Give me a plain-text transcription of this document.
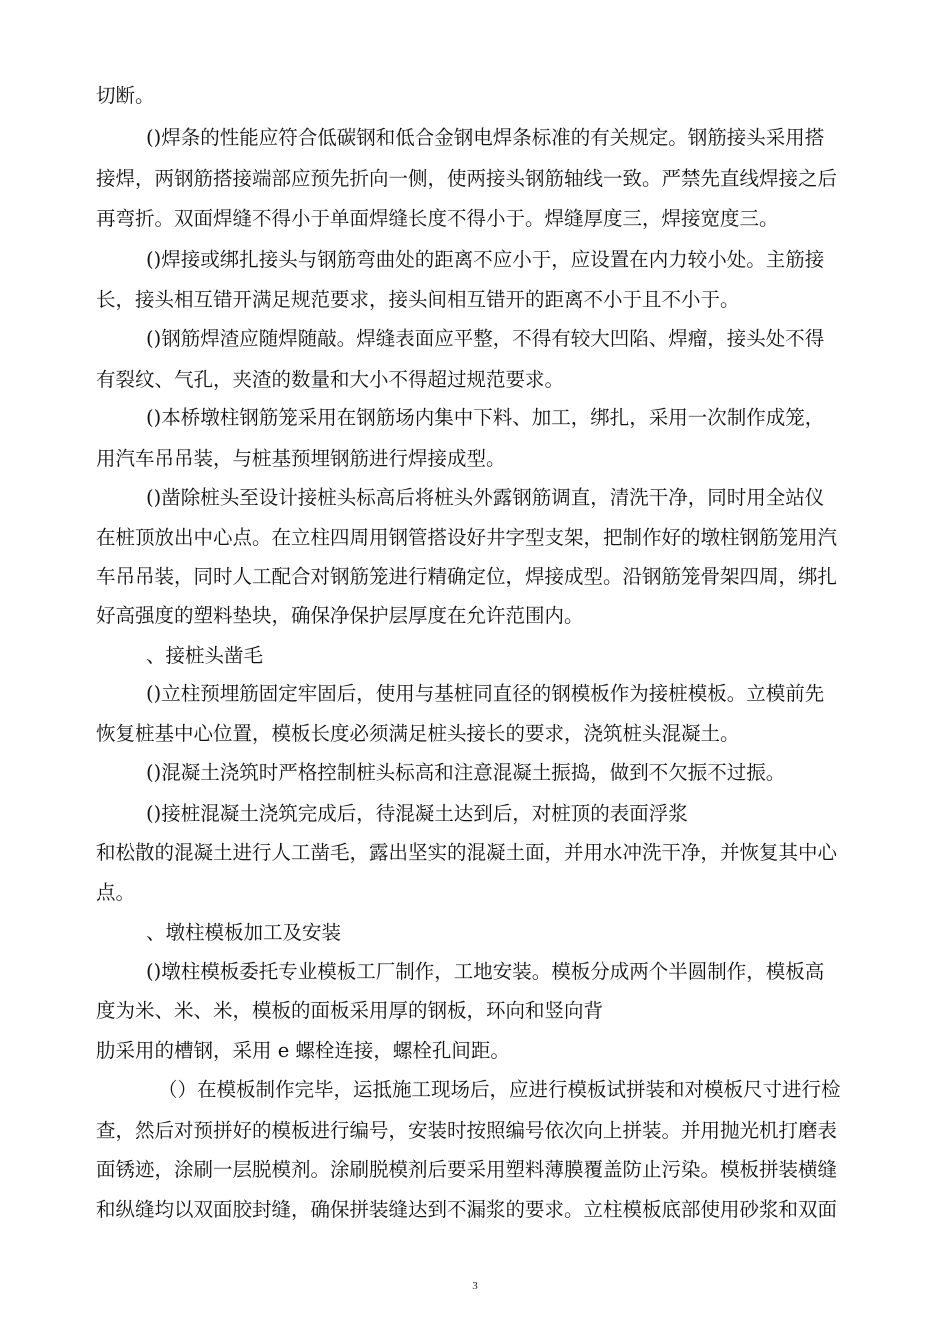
切断。
()焊条的性能应符合低碳钢和低合金钢电焊条标准的有关规定。钢筋接头采用搭
接焊，两钢筋搭接端部应预先折向一侧，使两接头钢筋轴线一致。严禁先直线焊接之后
再弯折。双面焊缝不得小于单面焊缝长度不得小于。焊缝厚度三，焊接宽度三。
()焊接或绑扎接头与钢筋弯曲处的距离不应小于，应设置在内力较小处。主筋接
长，接头相互错开满足规范要求，接头间相互错开的距离不小于且不小于。
()钢筋焊渣应随焊随敲。焊缝表面应平整，不得有较大凹陷、焊瘤，接头处不得
有裂纹、气孔，夹渣的数量和大小不得超过规范要求。
()本桥墩柱钢筋笼采用在钢筋场内集中下料、加工，绑扎，采用一次制作成笼，
用汽车吊吊装，与桩基预埋钢筋进行焊接成型。
()凿除桩头至设计接桩头标高后将桩头外露钢筋调直，清洗干净，同时用全站仪
在桩顶放出中心点。在立柱四周用钢管搭设好井字型支架，把制作好的墩柱钢筋笼用汽
车吊吊装，同时人工配合对钢筋笼进行精确定位，焊接成型。沿钢筋笼骨架四周，绑扎
好高强度的塑料垫块，确保净保护层厚度在允许范围内。
、接桩头凿毛
()立柱预埋筋固定牢固后，使用与基桩同直径的钢模板作为接桩模板。立模前先
恢复桩基中心位置，模板长度必须满足桩头接长的要求，浇筑桩头混凝土。
()混凝土浇筑时严格控制桩头标高和注意混凝土振捣，做到不欠振不过振。
()接桩混凝土浇筑完成后，待混凝土达到后，对桩顶的表面浮浆
和松散的混凝土进行人工凿毛，露出坚实的混凝土面，并用水冲洗干净，并恢复其中心
点。
、墩柱模板加工及安装
()墩柱模板委托专业模板工厂制作，工地安装。模板分成两个半圆制作，模板高
度为米、米、米，模板的面板采用厚的钢板，环向和竖向背
肋采用的槽钢，采用 e 螺栓连接，螺栓孔间距。
（）在模板制作完毕，运抵施工现场后，应进行模板试拼装和对模板尺寸进行检
查，然后对预拼好的模板进行编号，安装时按照编号依次向上拼装。并用抛光机打磨表
面锈迹，涂刷一层脱模剂。涂刷脱模剂后要采用塑料薄膜覆盖防止污染。模板拼装横缝
和纵缝均以双面胶封缝，确保拼装缝达到不漏浆的要求。立柱模板底部使用砂浆和双面
3
